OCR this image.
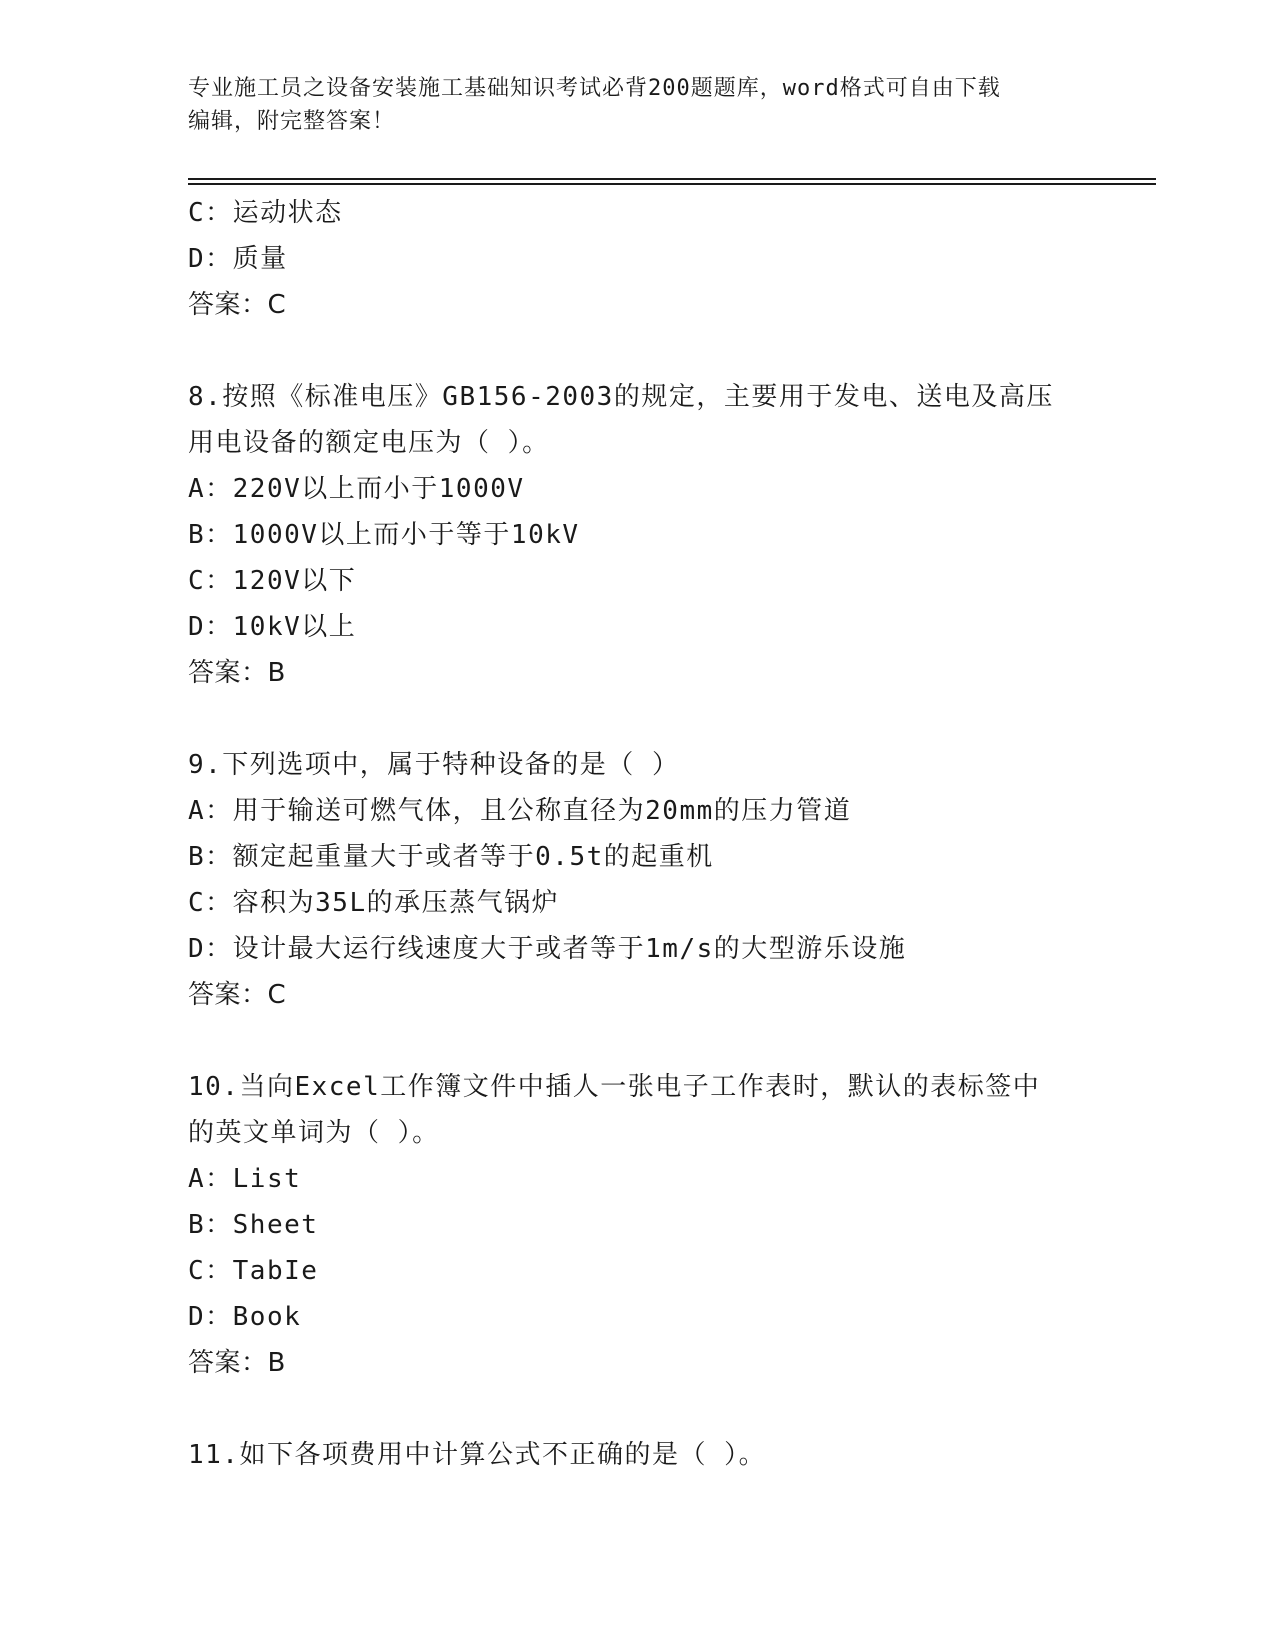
专业施工员之设备安装施工基础知识考试必背200题题库，word格式可自由下载
编辑，附完整答案！
C：运动状态
D：质量
答案：C
8.按照《标准电压》GB156-2003的规定，主要用于发电、送电及高压
用电设备的额定电压为（ ）。
A：220V以上而小于1000V
B：1000V以上而小于等于10kV
C：120V以下
D：10kV以上
答案：B
9.下列选项中，属于特种设备的是（ ）
A：用于输送可燃气体，且公称直径为20mm的压力管道
B：额定起重量大于或者等于0.5t的起重机
C：容积为35L的承压蒸气锅炉
D：设计最大运行线速度大于或者等于1m/s的大型游乐设施
答案：C
10.当向Excel工作簿文件中插人一张电子工作表时，默认的表标签中
的英文单词为（ ）。
A：List
B：Sheet
C：TabIe
D：Book
答案：B
11.如下各项费用中计算公式不正确的是（ ）。
